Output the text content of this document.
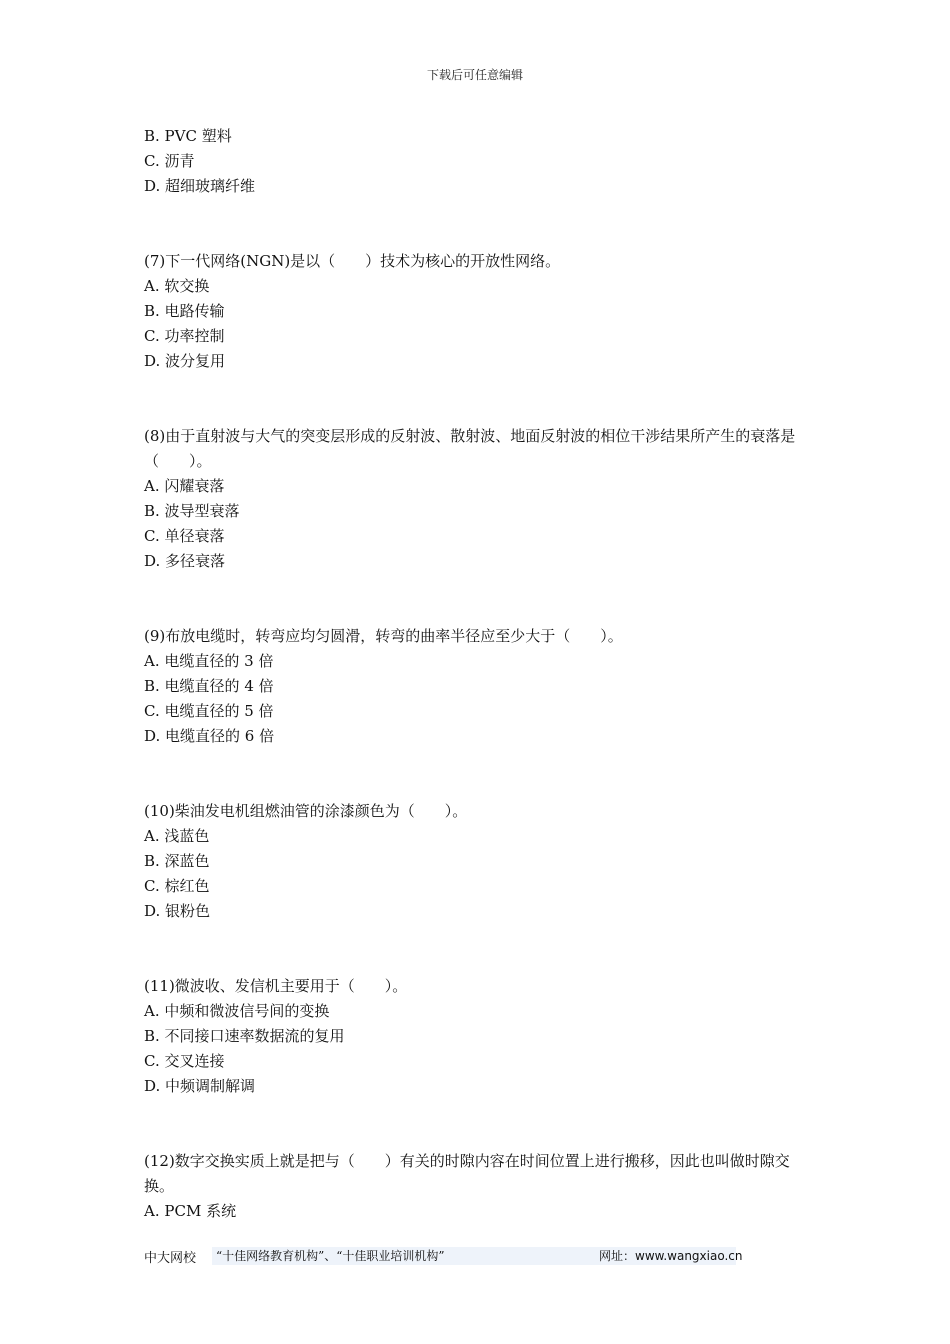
下载后可任意编辑
B. PVC 塑料
C. 沥青
D. 超细玻璃纤维
(7)下一代网络(NGN)是以（　　）技术为核心的开放性网络。
A. 软交换
B. 电路传输
C. 功率控制
D. 波分复用
(8)由于直射波与大气的突变层形成的反射波、散射波、地面反射波的相位干涉结果所产生的衰落是（　　）。
A. 闪耀衰落
B. 波导型衰落
C. 单径衰落
D. 多径衰落
(9)布放电缆时，转弯应均匀圆滑，转弯的曲率半径应至少大于（　　）。
A. 电缆直径的 3 倍
B. 电缆直径的 4 倍
C. 电缆直径的 5 倍
D. 电缆直径的 6 倍
(10)柴油发电机组燃油管的涂漆颜色为（　　）。
A. 浅蓝色
B. 深蓝色
C. 棕红色
D. 银粉色
(11)微波收、发信机主要用于（　　）。
A. 中频和微波信号间的变换
B. 不同接口速率数据流的复用
C. 交叉连接
D. 中频调制解调
(12)数字交换实质上就是把与（　　）有关的时隙内容在时间位置上进行搬移，因此也叫做时隙交换。
A. PCM 系统
中大网校	“十佳网络教育机构”、“十佳职业培训机构”	网址：www.wangxiao.cn
